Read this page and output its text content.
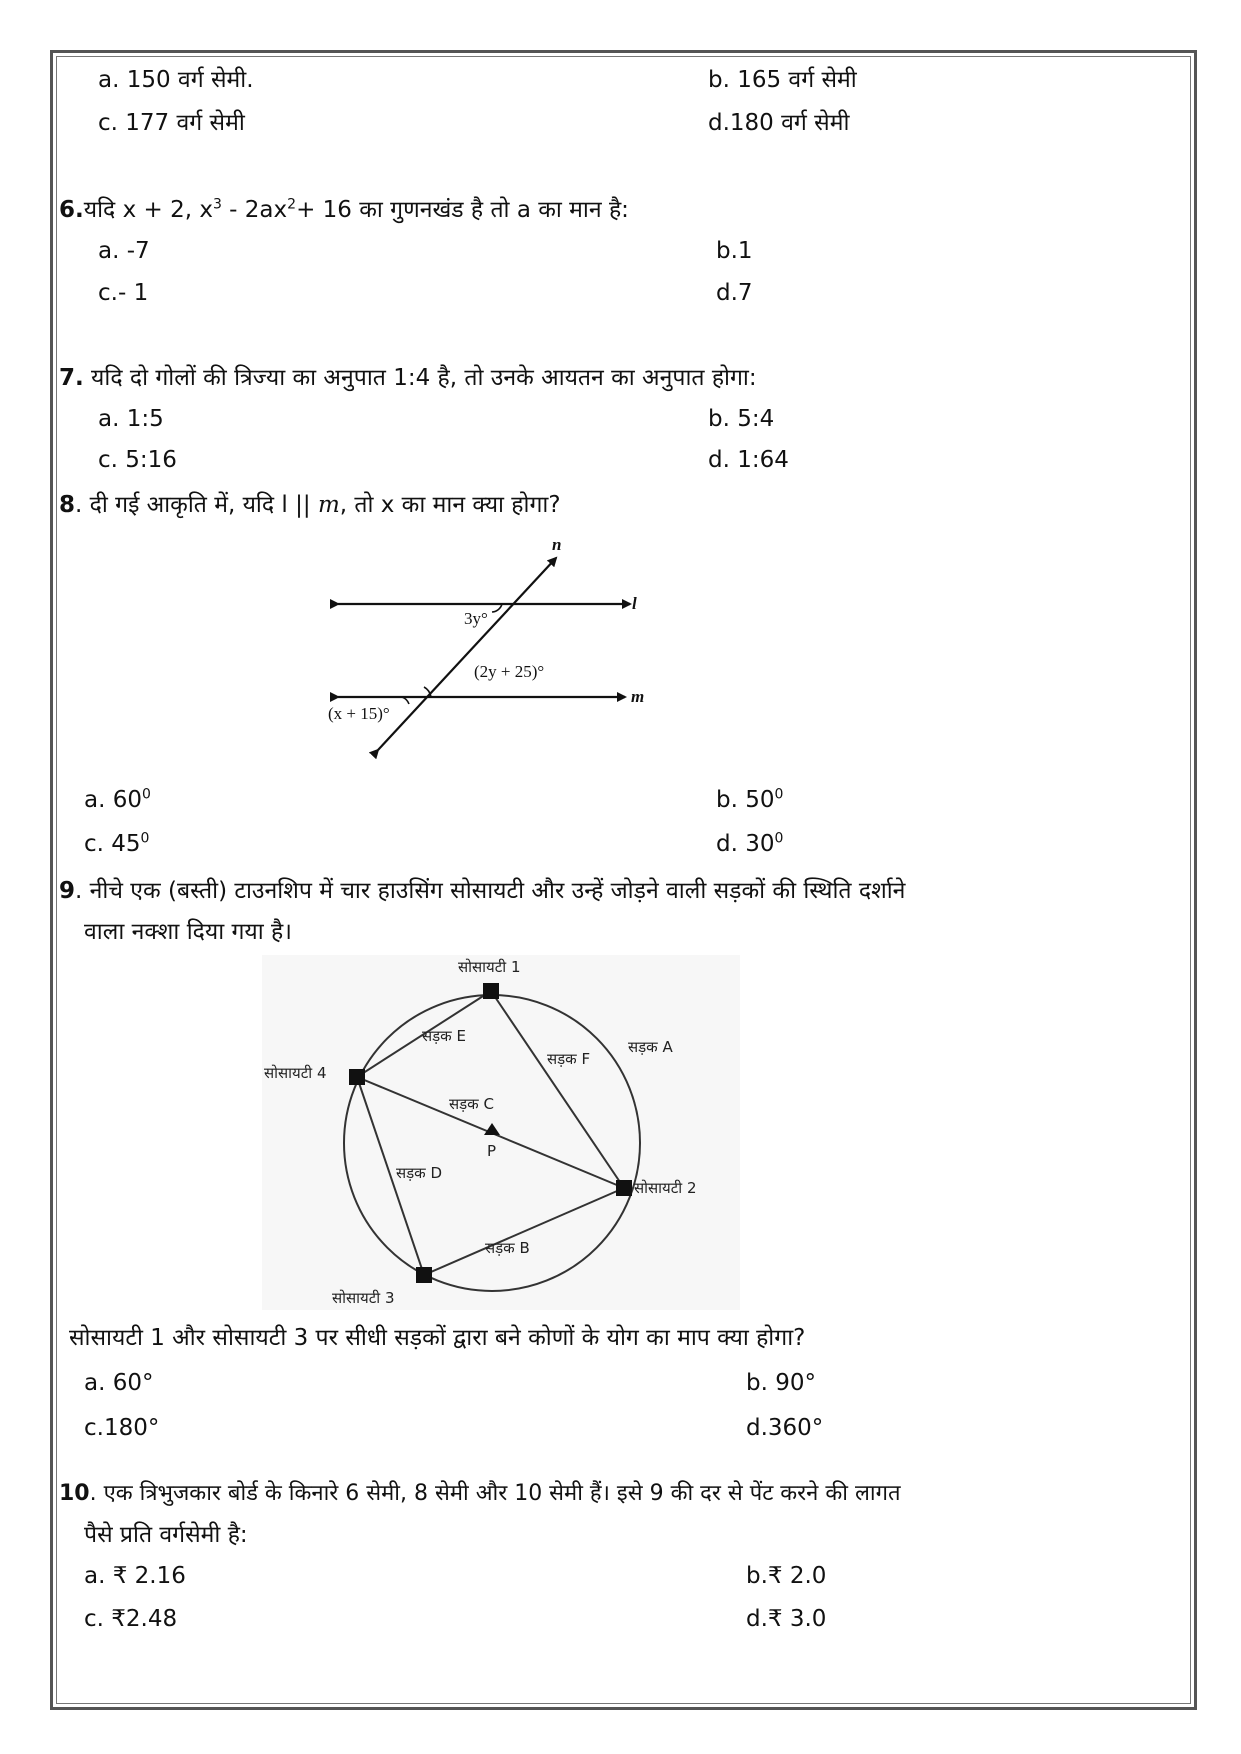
a. 150 वर्ग सेमी.	b. 165 वर्ग सेमी
c. 177 वर्ग सेमी	d.180 वर्ग सेमी
6.यदि x + 2, $x^3 - 2ax^2+ 16$ का गुणनखंड है तो a का मान है:
a. -7	b.1
c.- 1	d.7
7. यदि दो गोलों की त्रिज्या का अनुपात 1:4 है, तो उनके आयतन का अनुपात होगा:
a. 1:5	b. 5:4
c. 5:16	d. 1:64
8. दी गई आकृति में, यदि l || m, तो x का मान क्या होगा?
n
l
m
3y°
(2y + 25)°
(x + 15)°
a. $60^0$	b. $50^0$
c. $45^0$	d. $30^0$
9. नीचे एक (बस्ती) टाउनशिप में चार हाउसिंग सोसायटी और उन्हें जोड़ने वाली सड़कों की स्थिति दर्शाने
वाला नक्शा दिया गया है।
सोसायटी 1
सोसायटी 2
सोसायटी 3
सोसायटी 4
सड़क A
सड़क B
सड़क C
सड़क D
सड़क E
सड़क F
P
सोसायटी 1 और सोसायटी 3 पर सीधी सड़कों द्वारा बने कोणों के योग का माप क्या होगा?
a. 60°	b. 90°
c.180°	d.360°
10. एक त्रिभुजकार बोर्ड के किनारे 6 सेमी, 8 सेमी और 10 सेमी हैं। इसे 9 की दर से पेंट करने की लागत
पैसे प्रति वर्गसेमी है:
a. ₹ 2.16	b.₹ 2.0
c. ₹2.48	d.₹ 3.0
